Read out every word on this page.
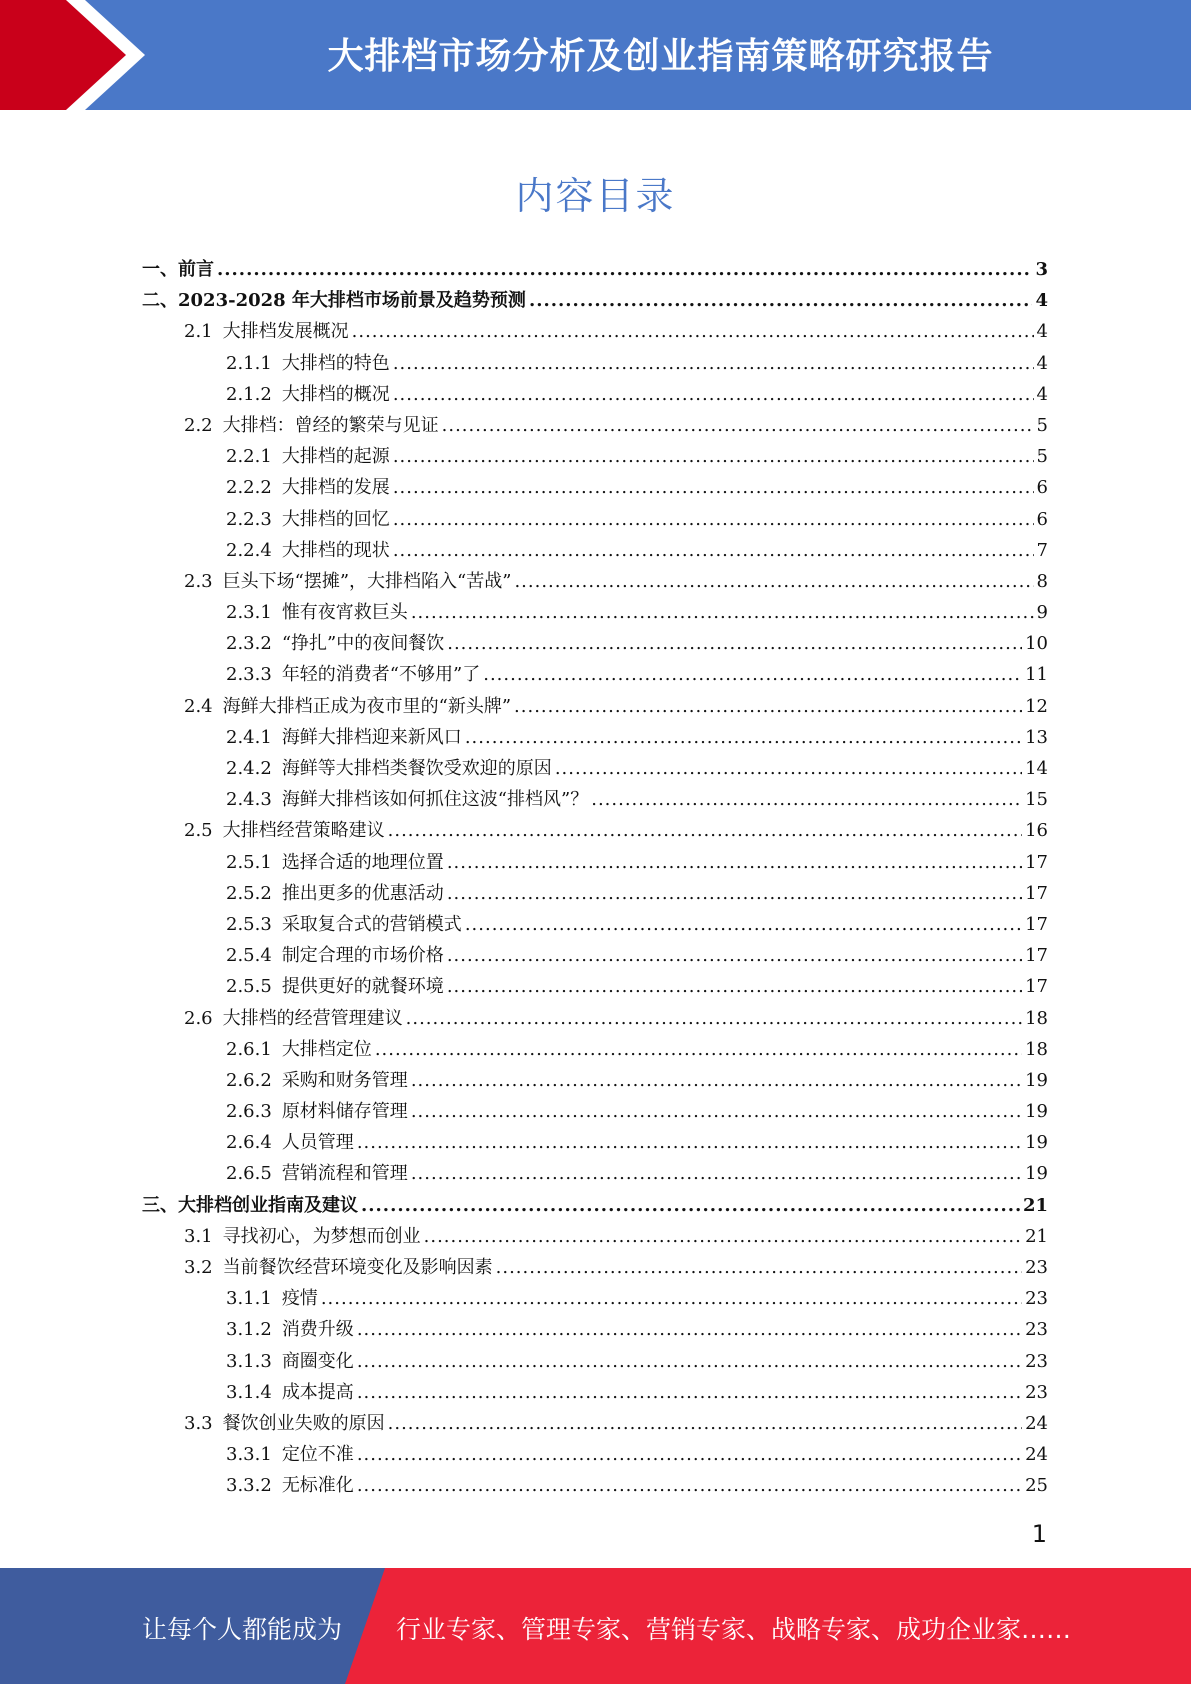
大排档市场分析及创业指南策略研究报告
内容目录
一、 前言 .....	3
二、 2023-2028 年大排档市场前景及趋势预测 .....	4
2.1 大排档发展概况 .....	4
2.1.1 大排档的特色 .....	4
2.1.2 大排档的概况 .....	4
2.2 大排档：曾经的繁荣与见证 .....	5
2.2.1 大排档的起源 .....	5
2.2.2 大排档的发展 .....	6
2.2.3 大排档的回忆 .....	6
2.2.4 大排档的现状 .....	7
2.3 巨头下场“摆摊”，大排档陷入“苦战” .....	8
2.3.1 惟有夜宵救巨头 .....	9
2.3.2 “挣扎”中的夜间餐饮 .....	10
2.3.3 年轻的消费者“不够用”了 .....	11
2.4 海鲜大排档正成为夜市里的“新头牌” .....	12
2.4.1 海鲜大排档迎来新风口 .....	13
2.4.2 海鲜等大排档类餐饮受欢迎的原因 .....	14
2.4.3 海鲜大排档该如何抓住这波“排档风”？ .....	15
2.5 大排档经营策略建议 .....	16
2.5.1 选择合适的地理位置 .....	17
2.5.2 推出更多的优惠活动 .....	17
2.5.3 采取复合式的营销模式 .....	17
2.5.4 制定合理的市场价格 .....	17
2.5.5 提供更好的就餐环境 .....	17
2.6 大排档的经营管理建议 .....	18
2.6.1 大排档定位 .....	18
2.6.2 采购和财务管理 .....	19
2.6.3 原材料储存管理 .....	19
2.6.4 人员管理 .....	19
2.6.5 营销流程和管理 .....	19
三、 大排档创业指南及建议 .....	21
3.1 寻找初心，为梦想而创业 .....	21
3.2 当前餐饮经营环境变化及影响因素 .....	23
3.1.1 疫情 .....	23
3.1.2 消费升级 .....	23
3.1.3 商圈变化 .....	23
3.1.4 成本提高 .....	23
3.3 餐饮创业失败的原因 .....	24
3.3.1 定位不准 .....	24
3.3.2 无标准化 .....	25
1
让每个人都能成为 行业专家、管理专家、营销专家、战略专家、成功企业家……
